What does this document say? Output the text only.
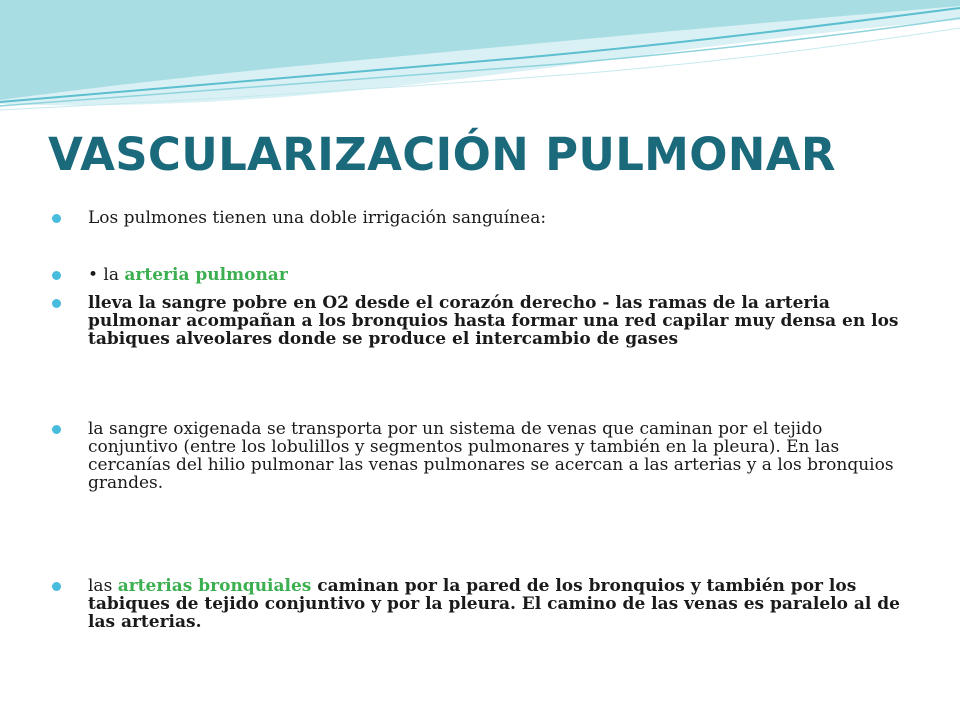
VASCULARIZACIÓN PULMONAR
Los pulmones tienen una doble irrigación sanguínea:
• la arteria pulmonar
lleva la sangre pobre en O2 desde el corazón derecho - las ramas de la arteria pulmonar acompañan a los bronquios hasta formar una red capilar muy densa en los tabiques alveolares donde se produce el intercambio de gases
la sangre oxigenada se transporta por un sistema de venas que caminan por el tejido conjuntivo (entre los lobulillos y segmentos pulmonares y también en la pleura). En las cercanías del hilio pulmonar las venas pulmonares se acercan a las arterias y a los bronquios grandes.
las arterias bronquiales caminan por la pared de los bronquios y también por los tabiques de tejido conjuntivo y por la pleura. El camino de las venas es paralelo al de las arterias.
